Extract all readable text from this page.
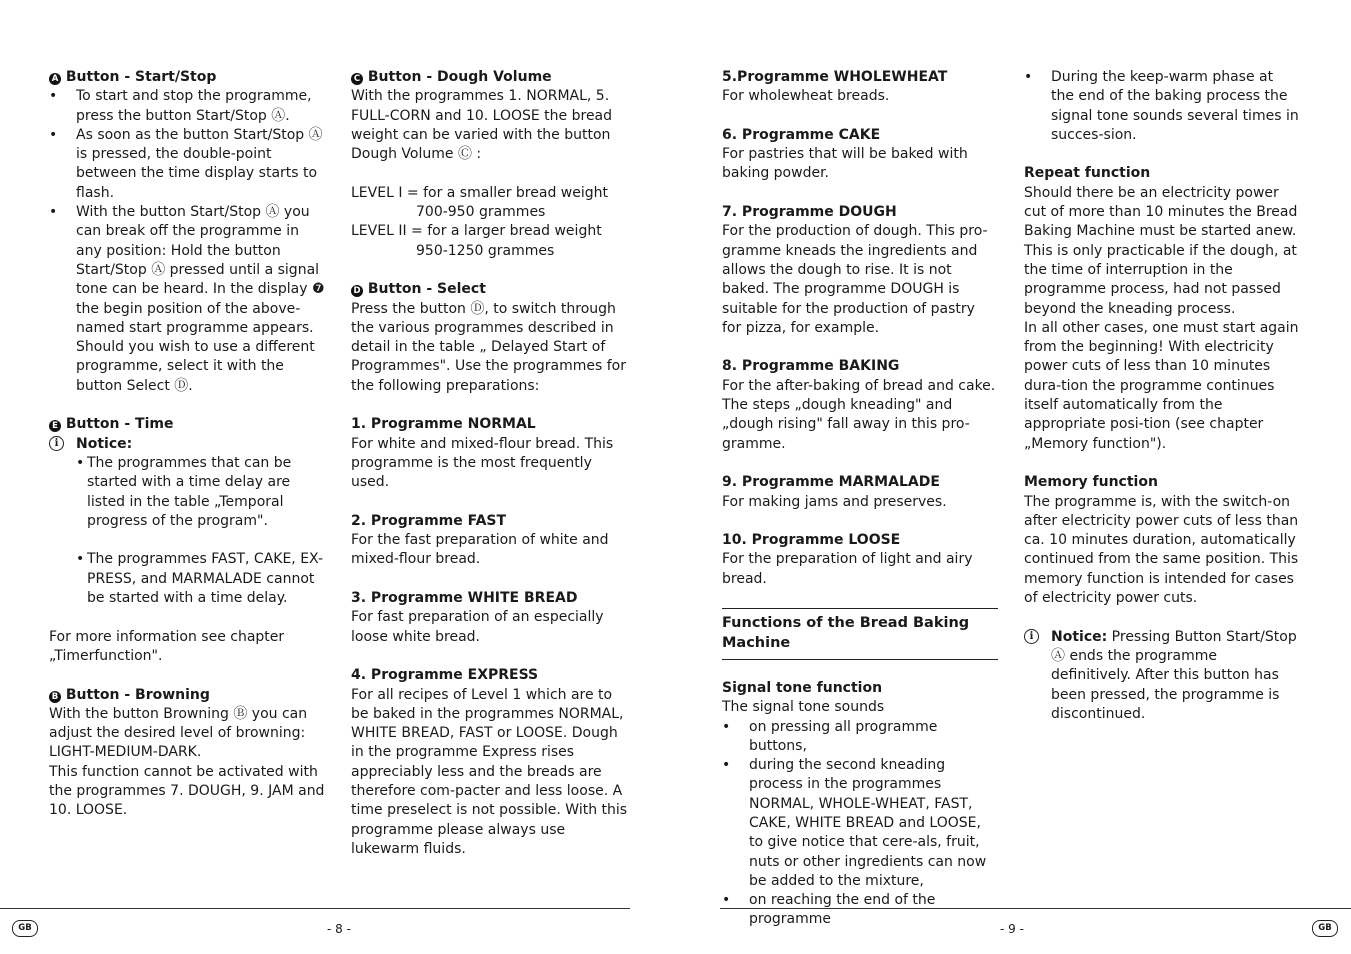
A Button - Start/Stop
• To start and stop the programme, press the button Start/Stop Ⓐ.
• As soon as the button Start/Stop Ⓐ is pressed, the double-point between the time display starts to flash.
• With the button Start/Stop Ⓐ you can break off the programme in any position: Hold the button Start/Stop Ⓐ pressed until a signal tone can be heard. In the display ❼ the begin position of the above-named start programme appears. Should you wish to use a different programme, select it with the button Select Ⓓ.
E Button - Time
i	Notice:
• The programmes that can be started with a time delay are listed in the table „Temporal progress of the program".
• The programmes FAST, CAKE, EX-PRESS, and MARMALADE cannot be started with a time delay.
For more information see chapter „Timerfunction".
B Button - Browning
With the button Browning Ⓑ you can adjust the desired level of browning: LIGHT-MEDIUM-DARK.
This function cannot be activated with the programmes 7. DOUGH, 9. JAM and 10. LOOSE.
C Button - Dough Volume
With the programmes 1. NORMAL, 5. FULL-CORN and 10. LOOSE the bread weight can be varied with the button Dough Volume Ⓒ :
LEVEL I = for a smaller bread weight
700-950 grammes
LEVEL II = for a larger bread weight
950-1250 grammes
D Button - Select
Press the button Ⓓ, to switch through the various programmes described in detail in the table „ Delayed Start of Programmes". Use the programmes for the following preparations:
1. Programme NORMAL
For white and mixed-flour bread. This programme is the most frequently used.
2. Programme FAST
For the fast preparation of white and mixed-flour bread.
3. Programme WHITE BREAD
For fast preparation of an especially loose white bread.
4. Programme EXPRESS
For all recipes of Level 1 which are to be baked in the programmes NORMAL, WHITE BREAD, FAST or LOOSE. Dough in the programme Express rises appreciably less and the breads are therefore com-pacter and less loose. A time preselect is not possible. With this programme please always use lukewarm fluids.
5.Programme WHOLEWHEAT
For wholewheat breads.
6. Programme CAKE
For pastries that will be baked with baking powder.
7. Programme DOUGH
For the production of dough. This pro-gramme kneads the ingredients and allows the dough to rise. It is not baked. The programme DOUGH is suitable for the production of pastry for pizza, for example.
8. Programme BAKING
For the after-baking of bread and cake. The steps „dough kneading" and „dough rising" fall away in this pro-gramme.
9. Programme MARMALADE
For making jams and preserves.
10. Programme LOOSE
For the preparation of light and airy bread.
Functions of the Bread Baking Machine
Signal tone function
The signal tone sounds
• on pressing all programme buttons,
• during the second kneading process in the programmes NORMAL, WHOLE-WHEAT, FAST, CAKE, WHITE BREAD and LOOSE, to give notice that cere-als, fruit, nuts or other ingredients can now be added to the mixture,
• on reaching the end of the programme
• During the keep-warm phase at the end of the baking process the signal tone sounds several times in succes-sion.
Repeat function
Should there be an electricity power cut of more than 10 minutes the Bread Baking Machine must be started anew. This is only practicable if the dough, at the time of interruption in the programme process, had not passed beyond the kneading process.
In all other cases, one must start again from the beginning! With electricity power cuts of less than 10 minutes dura-tion the programme continues itself automatically from the appropriate posi-tion (see chapter „Memory function").
Memory function
The programme is, with the switch-on after electricity power cuts of less than ca. 10 minutes duration, automatically continued from the same position. This memory function is intended for cases of electricity power cuts.
i	Notice: Pressing Button Start/Stop Ⓐ ends the programme definitively. After this button has been pressed, the programme is discontinued.
GB	- 8 -	- 9 -	GB
